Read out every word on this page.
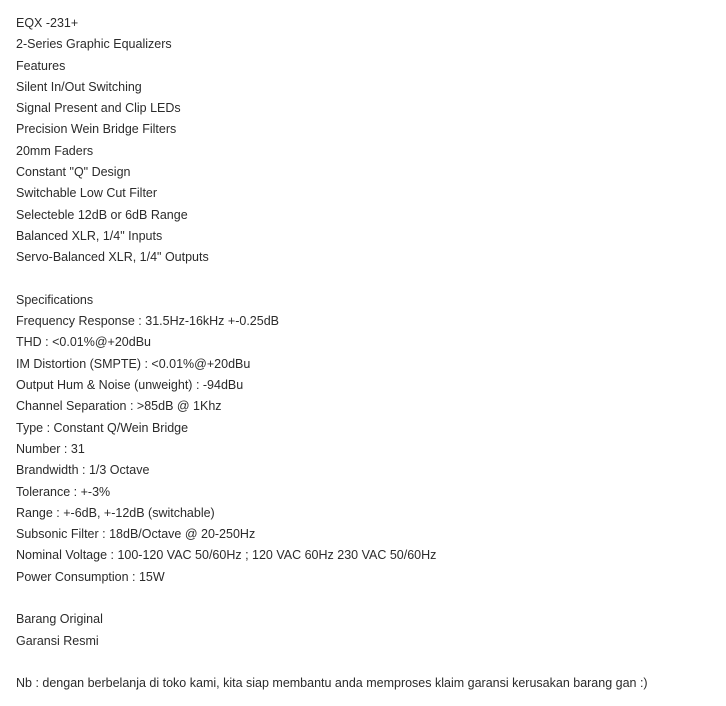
EQX -231+
2-Series Graphic Equalizers
Features
Silent In/Out Switching
Signal Present and Clip LEDs
Precision Wein Bridge Filters
20mm Faders
Constant "Q" Design
Switchable Low Cut Filter
Selecteble 12dB or 6dB Range
Balanced XLR, 1/4" Inputs
Servo-Balanced XLR, 1/4" Outputs
Specifications
Frequency Response : 31.5Hz-16kHz +-0.25dB
THD : <0.01%@+20dBu
IM Distortion (SMPTE) : <0.01%@+20dBu
Output Hum & Noise (unweight) : -94dBu
Channel Separation : >85dB @ 1Khz
Type : Constant Q/Wein Bridge
Number : 31
Brandwidth : 1/3 Octave
Tolerance : +-3%
Range : +-6dB, +-12dB (switchable)
Subsonic Filter : 18dB/Octave @ 20-250Hz
Nominal Voltage : 100-120 VAC 50/60Hz ; 120 VAC 60Hz 230 VAC 50/60Hz
Power Consumption : 15W
Barang Original
Garansi Resmi
Nb : dengan berbelanja di toko kami, kita siap membantu anda memproses klaim garansi kerusakan barang gan :)
